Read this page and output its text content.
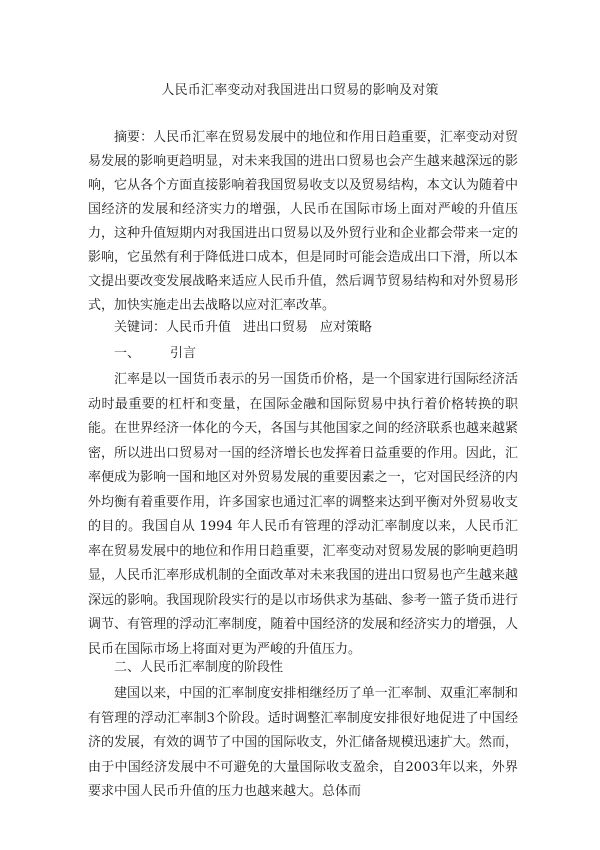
人民币汇率变动对我国进出口贸易的影响及对策

摘要：人民币汇率在贸易发展中的地位和作用日趋重要，汇率变动对贸易发展的影响更趋明显，对未来我国的进出口贸易也会产生越来越深远的影响，它从各个方面直接影响着我国贸易收支以及贸易结构，本文认为随着中国经济的发展和经济实力的增强，人民币在国际市场上面对严峻的升值压力，这种升值短期内对我国进出口贸易以及外贸行业和企业都会带来一定的影响，它虽然有利于降低进口成本，但是同时可能会造成出口下滑，所以本文提出要改变发展战略来适应人民币升值，然后调节贸易结构和对外贸易形式，加快实施走出去战略以应对汇率改革。

关键词：人民币升值 进出口贸易 应对策略

一、 引言

汇率是以一国货币表示的另一国货币价格，是一个国家进行国际经济活动时最重要的杠杆和变量，在国际金融和国际贸易中执行着价格转换的职能。在世界经济一体化的今天，各国与其他国家之间的经济联系也越来越紧密，所以进出口贸易对一国的经济增长也发挥着日益重要的作用。因此，汇率便成为影响一国和地区对外贸易发展的重要因素之一，它对国民经济的内外均衡有着重要作用，许多国家也通过汇率的调整来达到平衡对外贸易收支的目的。我国自从 1994 年人民币有管理的浮动汇率制度以来，人民币汇率在贸易发展中的地位和作用日趋重要，汇率变动对贸易发展的影响更趋明显，人民币汇率形成机制的全面改革对未来我国的进出口贸易也产生越来越深远的影响。我国现阶段实行的是以市场供求为基础、参考一篮子货币进行调节、有管理的浮动汇率制度，随着中国经济的发展和经济实力的增强，人民币在国际市场上将面对更为严峻的升值压力。

二、人民币汇率制度的阶段性

建国以来，中国的汇率制度安排相继经历了单一汇率制、双重汇率制和有管理的浮动汇率制3个阶段。适时调整汇率制度安排很好地促进了中国经济的发展，有效的调节了中国的国际收支，外汇储备规模迅速扩大。然而，由于中国经济发展中不可避免的大量国际收支盈余，自2003年以来，外界要求中国人民币升值的压力也越来越大。总体而
